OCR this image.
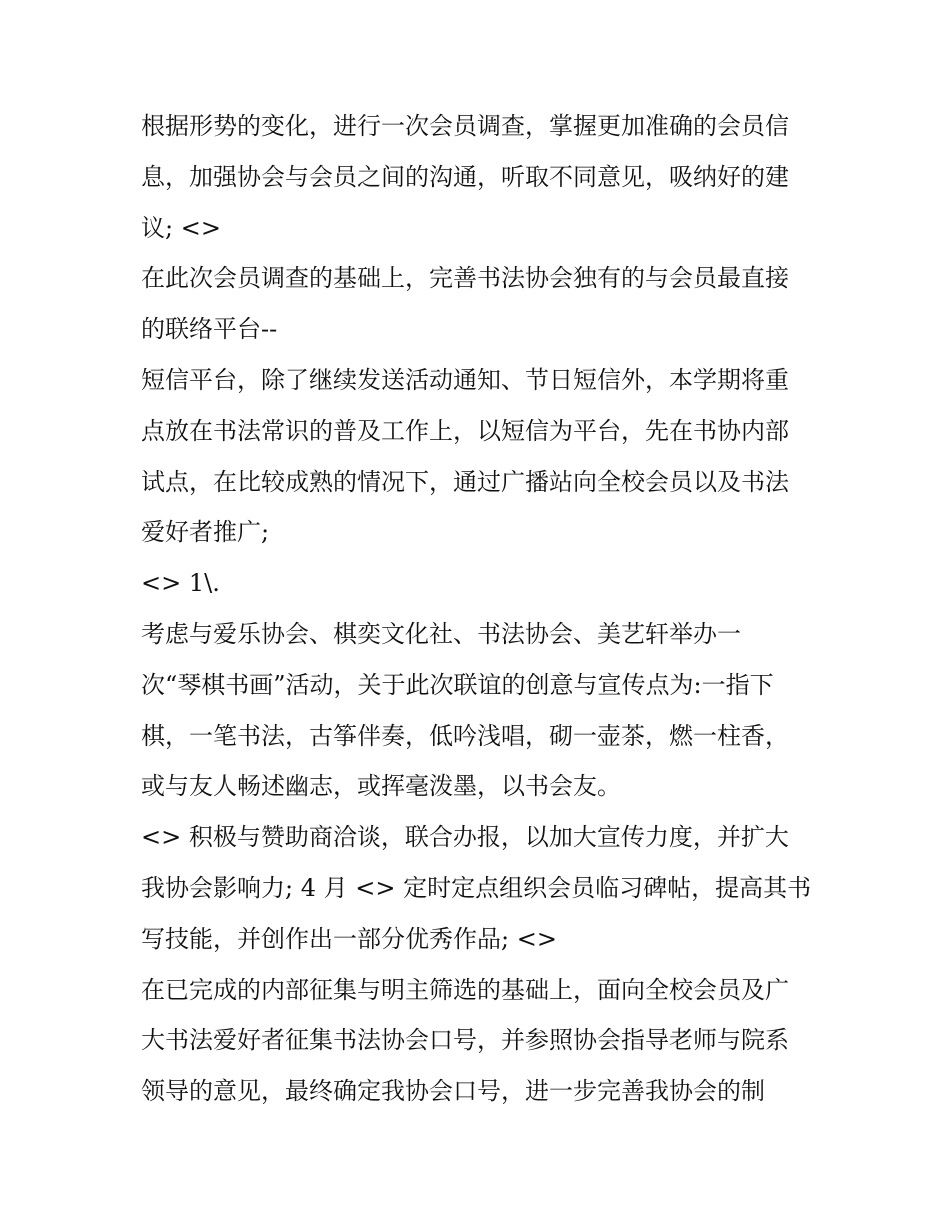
根据形势的变化，进行一次会员调查，掌握更加准确的会员信
息，加强协会与会员之间的沟通，听取不同意见，吸纳好的建
议; <>
在此次会员调查的基础上，完善书法协会独有的与会员最直接
的联络平台--
短信平台，除了继续发送活动通知、节日短信外，本学期将重
点放在书法常识的普及工作上，以短信为平台，先在书协内部
试点，在比较成熟的情况下，通过广播站向全校会员以及书法
爱好者推广;
<> 1\.
考虑与爱乐协会、棋奕文化社、书法协会、美艺轩举办一
次“琴棋书画”活动，关于此次联谊的创意与宣传点为:一指下
棋，一笔书法，古筝伴奏，低吟浅唱，砌一壶茶，燃一柱香，
或与友人畅述幽志，或挥毫泼墨，以书会友。
<> 积极与赞助商洽谈，联合办报，以加大宣传力度，并扩大
我协会影响力; 4 月 <> 定时定点组织会员临习碑帖，提高其书
写技能，并创作出一部分优秀作品; <>
在已完成的内部征集与明主筛选的基础上，面向全校会员及广
大书法爱好者征集书法协会口号，并参照协会指导老师与院系
领导的意见，最终确定我协会口号，进一步完善我协会的制
